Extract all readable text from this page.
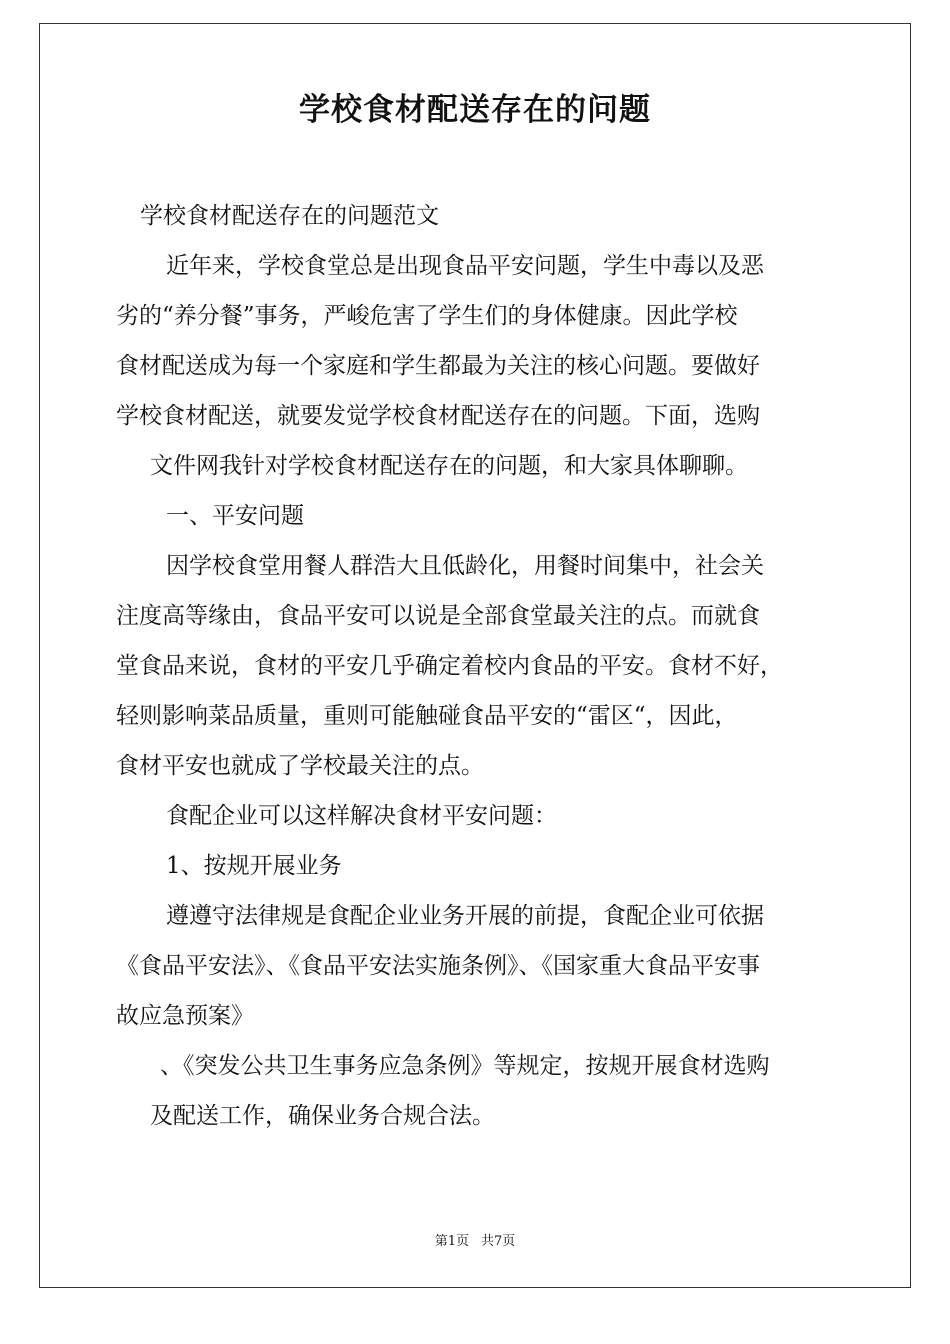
学校食材配送存在的问题

学校食材配送存在的问题范文

近年来，学校食堂总是出现食品平安问题，学生中毒以及恶

劣的“养分餐”事务，严峻危害了学生们的身体健康。因此学校

食材配送成为每一个家庭和学生都最为关注的核心问题。要做好

学校食材配送，就要发觉学校食材配送存在的问题。下面，选购

文件网我针对学校食材配送存在的问题，和大家具体聊聊。

一、平安问题

因学校食堂用餐人群浩大且低龄化，用餐时间集中，社会关

注度高等缘由，食品平安可以说是全部食堂最关注的点。而就食

堂食品来说，食材的平安几乎确定着校内食品的平安。食材不好，

轻则影响菜品质量，重则可能触碰食品平安的“雷区“，因此，

食材平安也就成了学校最关注的点。

食配企业可以这样解决食材平安问题：

1、按规开展业务

遵遵守法律规是食配企业业务开展的前提，食配企业可依据

《食品平安法》、《食品平安法实施条例》、《国家重大食品平安事

故应急预案》

、《突发公共卫生事务应急条例》等规定，按规开展食材选购

及配送工作，确保业务合规合法。

第1页 共7页
